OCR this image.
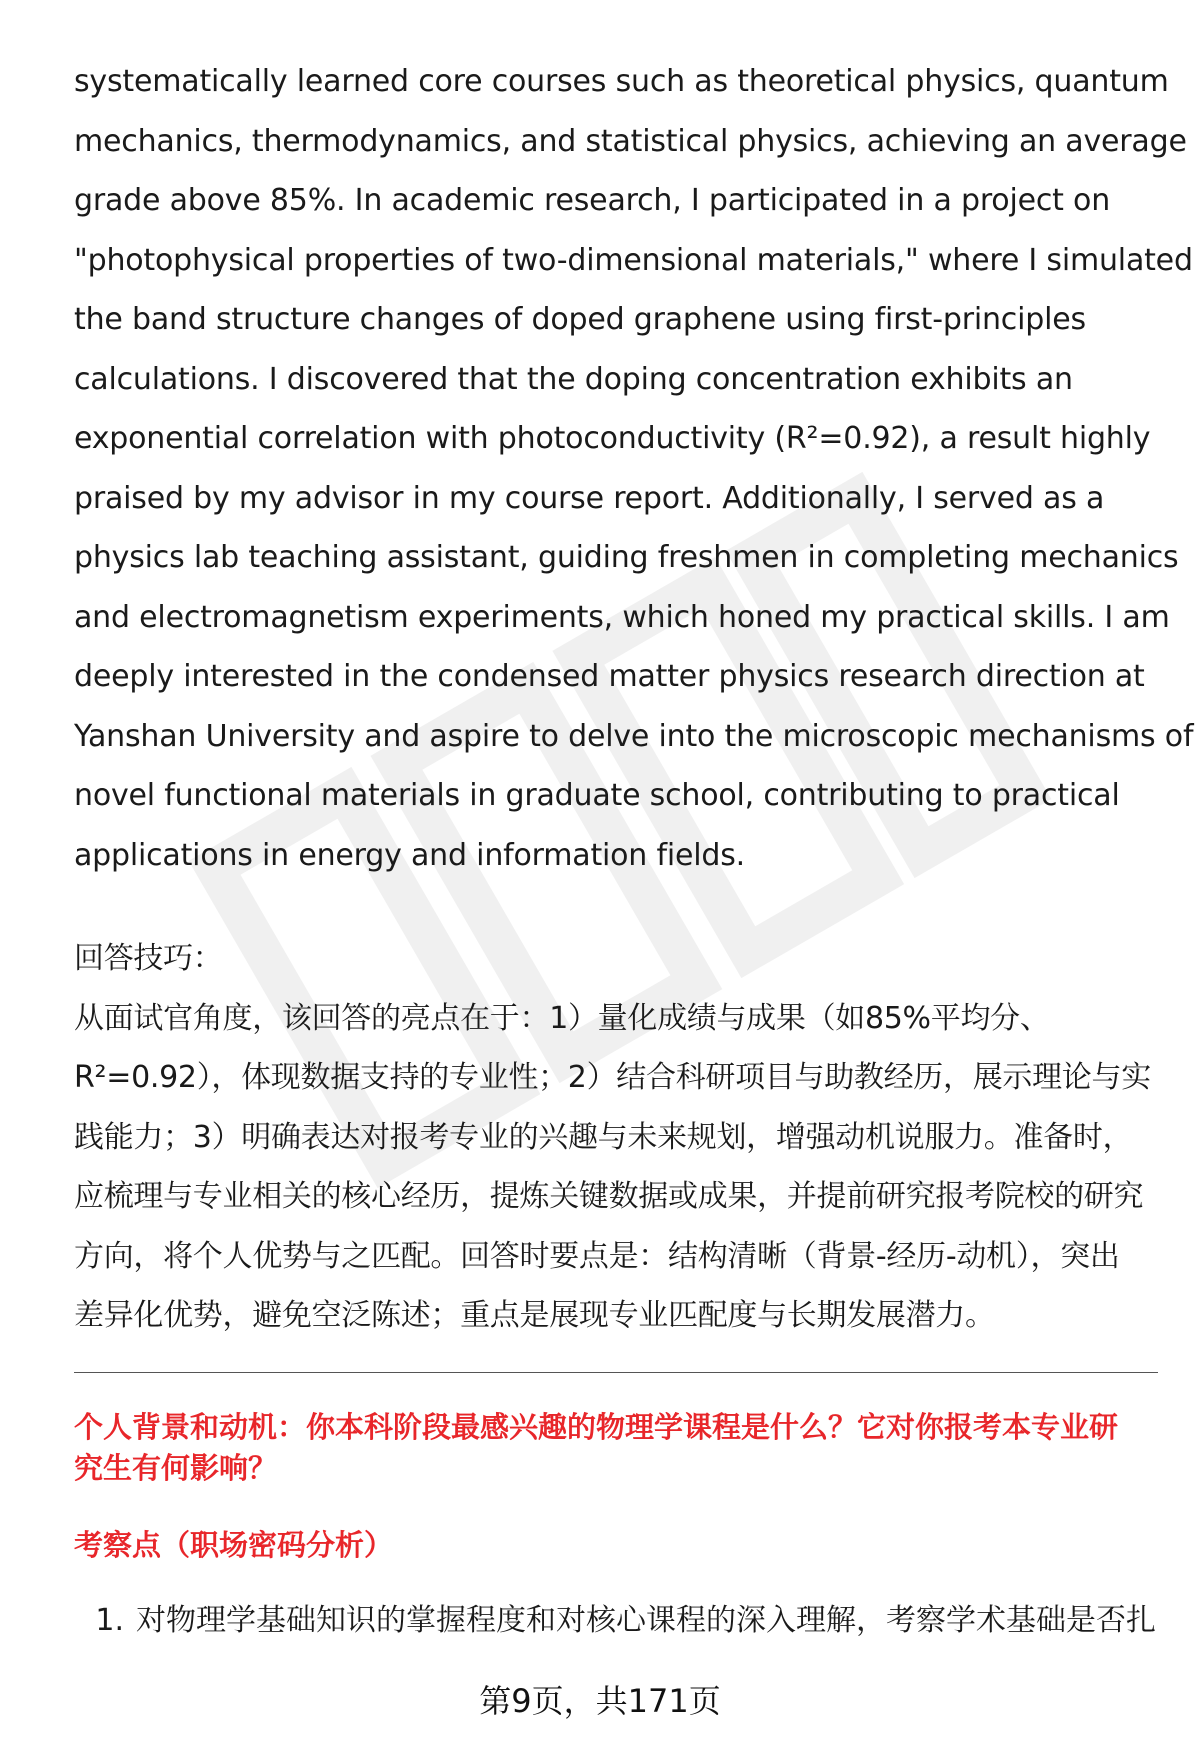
systematically learned core courses such as theoretical physics, quantum

mechanics, thermodynamics, and statistical physics, achieving an average

grade above 85%. In academic research, I participated in a project on

"photophysical properties of two-dimensional materials," where I simulated

the band structure changes of doped graphene using first-principles

calculations. I discovered that the doping concentration exhibits an

exponential correlation with photoconductivity (R²=0.92), a result highly

praised by my advisor in my course report. Additionally, I served as a

physics lab teaching assistant, guiding freshmen in completing mechanics

and electromagnetism experiments, which honed my practical skills. I am

deeply interested in the condensed matter physics research direction at

Yanshan University and aspire to delve into the microscopic mechanisms of

novel functional materials in graduate school, contributing to practical

applications in energy and information fields.

回答技巧：

从面试官角度，该回答的亮点在于：1）量化成绩与成果（如85%平均分、

R²=0.92），体现数据支持的专业性；2）结合科研项目与助教经历，展示理论与实

践能力；3）明确表达对报考专业的兴趣与未来规划，增强动机说服力。准备时，

应梳理与专业相关的核心经历，提炼关键数据或成果，并提前研究报考院校的研究

方向，将个人优势与之匹配。回答时要点是：结构清晰（背景-经历-动机），突出

差异化优势，避免空泛陈述；重点是展现专业匹配度与长期发展潜力。

个人背景和动机：你本科阶段最感兴趣的物理学课程是什么？它对你报考本专业研

究生有何影响？

考察点（职场密码分析）
1. 对物理学基础知识的掌握程度和对核心课程的深入理解，考察学术基础是否扎
第9页，共171页
